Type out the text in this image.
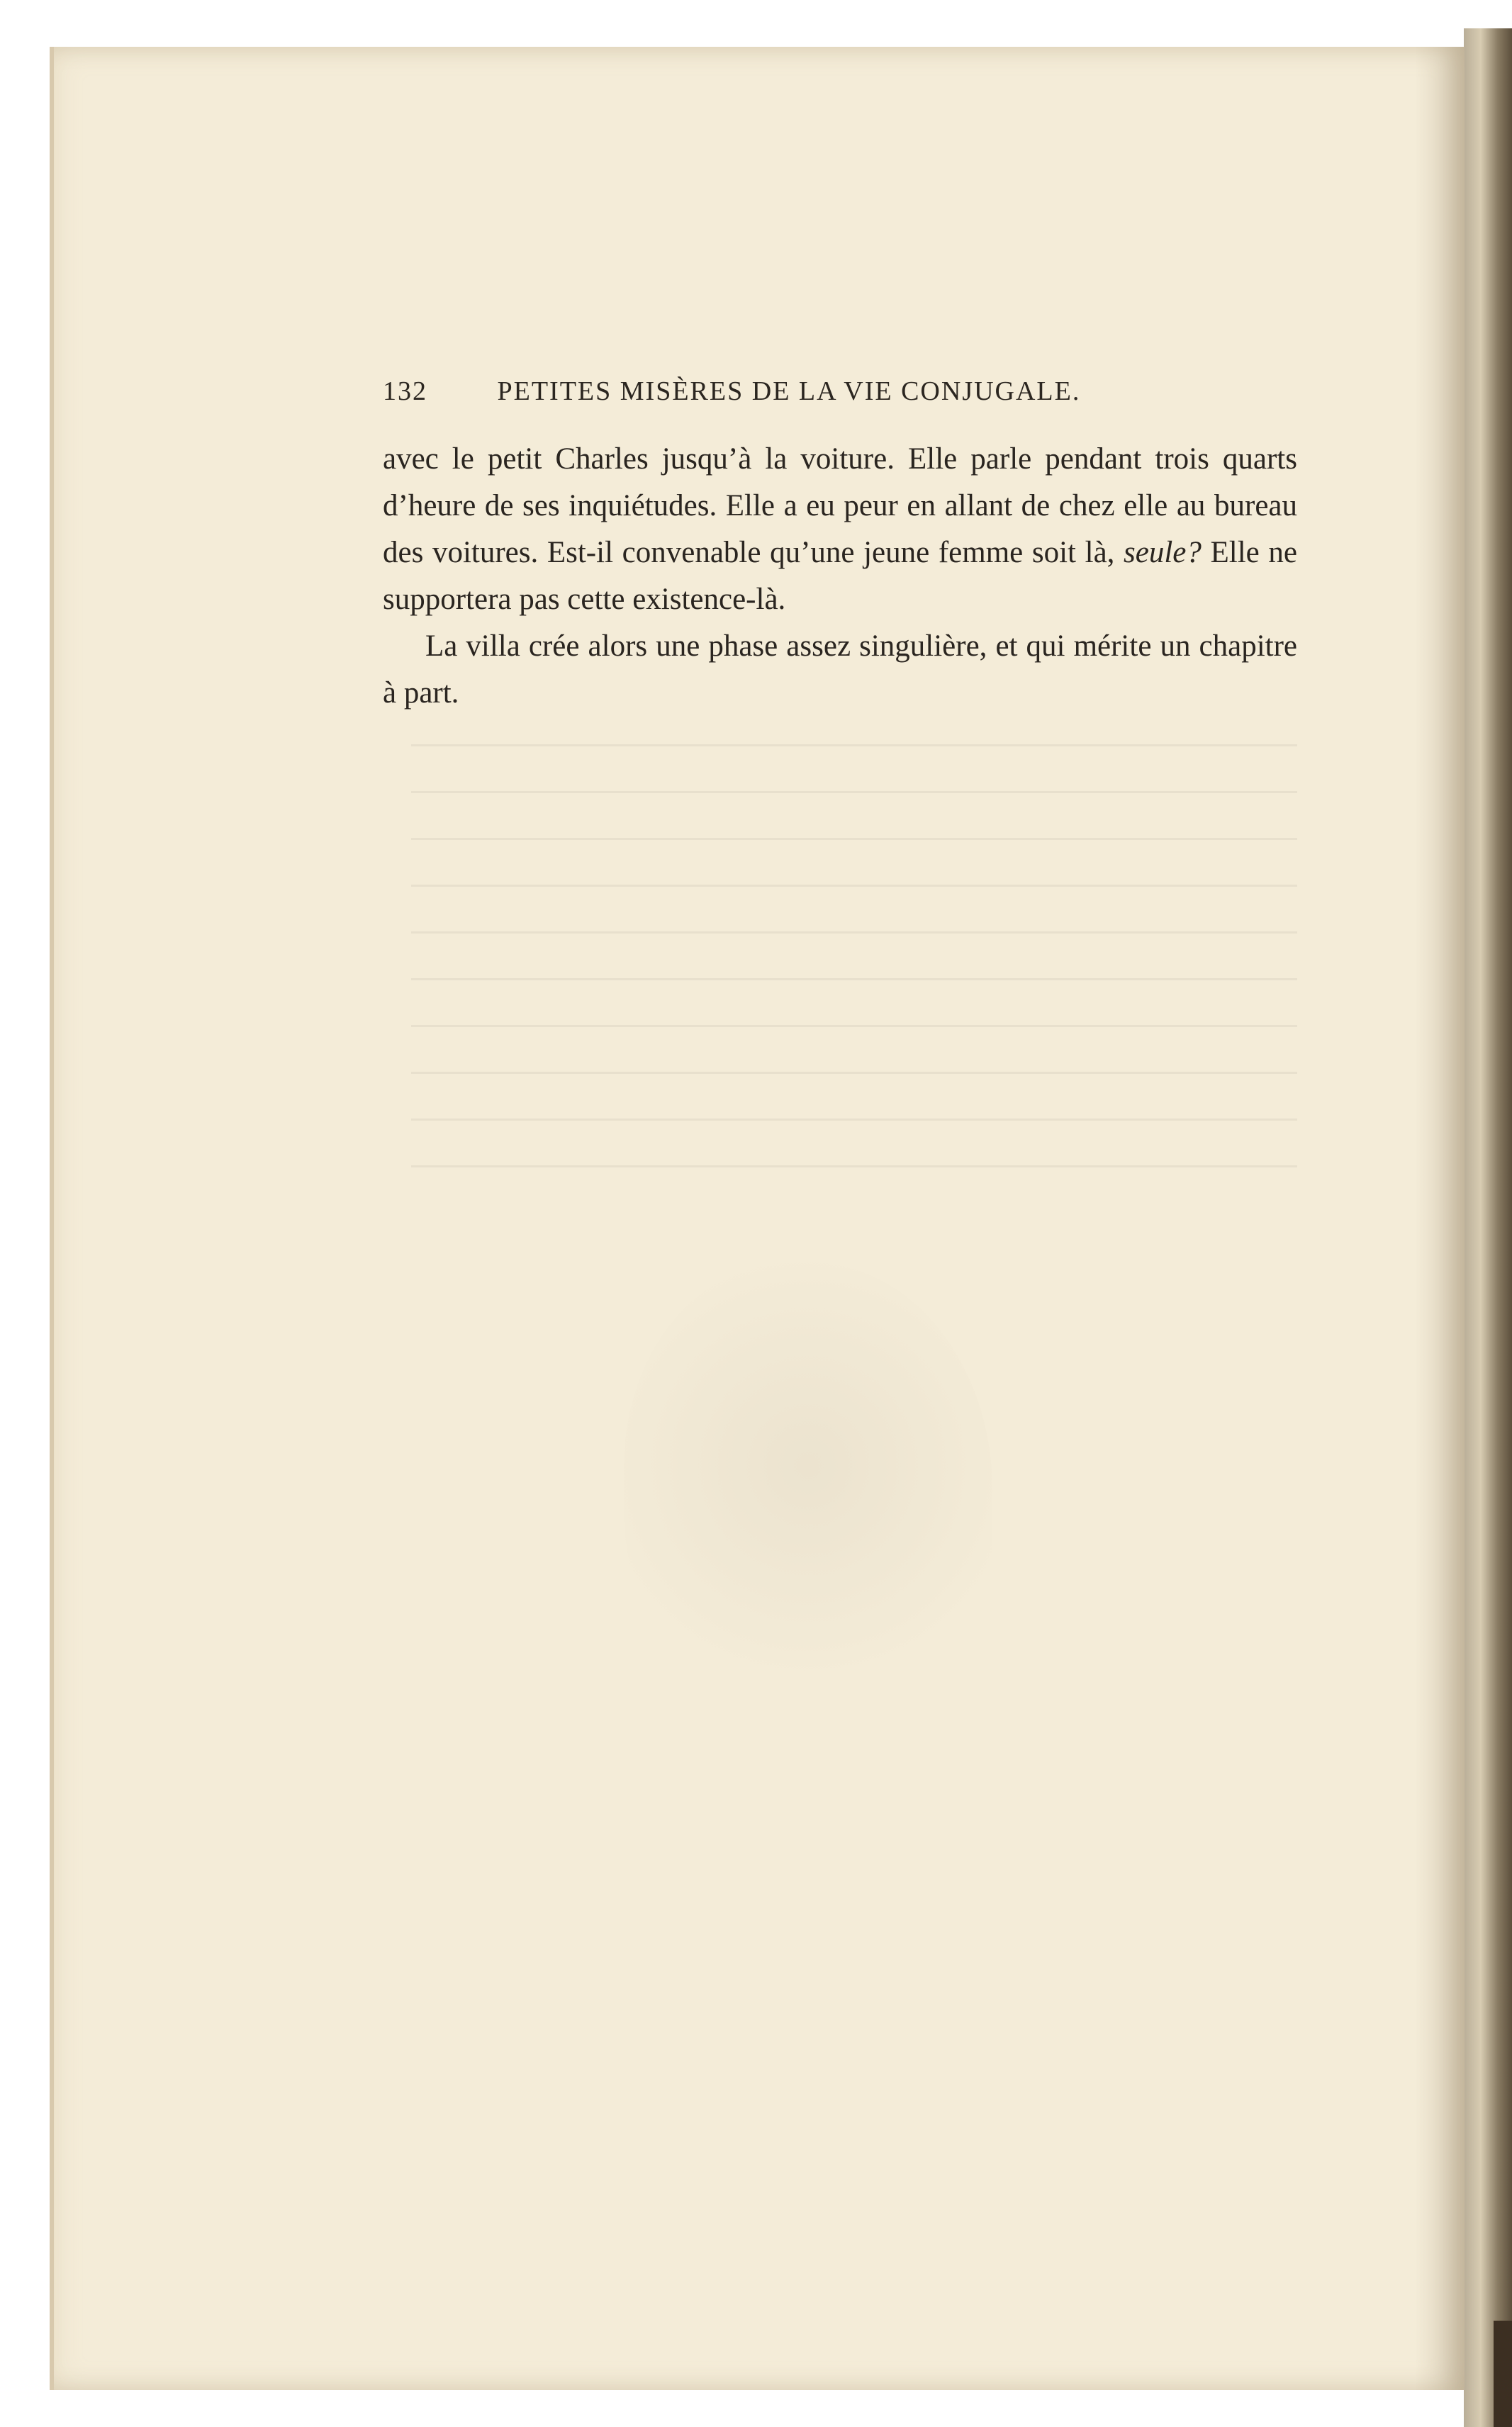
132	PETITES MISÈRES DE LA VIE CONJUGALE.

avec le petit Charles jusqu’à la voiture. Elle parle pendant trois quarts d’heure de ses inquiétudes. Elle a eu peur en allant de chez elle au bureau des voitures. Est-il convenable qu’une jeune femme soit là, seule? Elle ne supportera pas cette existence-là.

La villa crée alors une phase assez singulière, et qui mérite un chapitre à part.
